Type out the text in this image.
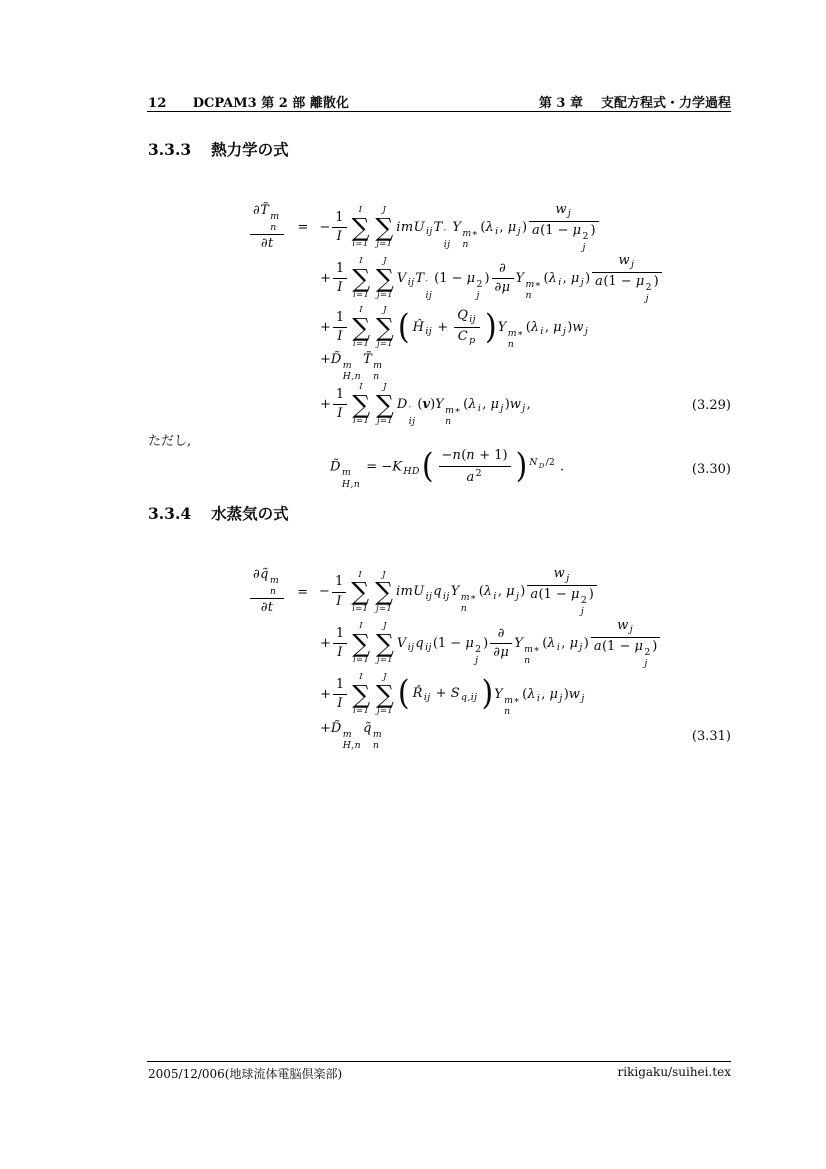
12 DCPAM3 第 2 部 離散化	第 3 章 支配方程式・力学過程
3.3.3 熱力学の式
∂T̃ m
n
∂t = − $\frac{1}{I}$ I
∑
i=1
J
∑
j=1
imU$_{ij}$T ′
ij
Y m∗
n
($\lambda_i$, $\mu_j$) $w_j$
a(1 − μ 2
j
)
+ $\frac{1}{I}$ I
∑
i=1
J
∑
j=1
$V_{ij}T$ ′
ij
(1 − μ 2
j
) $\frac{\partial}{\partial\mu}$ Y m∗
n
($\lambda_i$, $\mu_j$) $w_j$
a(1 − μ 2
j
)
+ $\frac{1}{I}$ I
∑
i=1
J
∑
j=1 ( $Ĥ_{ij} + \frac{Q_{ij}}{C_p}$ ) Y m∗
n
($\lambda_i$, $\mu_j)w_j$
+D̃ m
H,n
T̃ m
n
+ $\frac{1}{I}$ I
∑
i=1
J
∑
j=1
D ′
ij
(v)Y m∗
n
($\lambda_i$, $\mu_j)w_j$,	(3.29)
ただし,
D̃ m
H,n
= $-K_{HD}$ ( $\frac{-n(n + 1)}{a^2}$ ) $^{N_D/2}$ .	(3.30)
3.3.4 水蒸気の式
∂q̃ m
n
∂t = − $\frac{1}{I}$ I
∑
i=1
J
∑
j=1
$imU_{ij}q_{ij}Y$ m∗
n
($\lambda_i$, $\mu_j$) $w_j$
a(1 − μ 2
j
)
+ $\frac{1}{I}$ I
∑
i=1
J
∑
j=1
$V_{ij}q_{ij}(1 - \mu$ 2
j
) $\frac{\partial}{\partial\mu}$ Y m∗
n
($\lambda_i$, $\mu_j$) $w_j$
a(1 − μ 2
j
)
+ $\frac{1}{I}$ I
∑
i=1
J
∑
j=1 ( $R̂_{ij} + S_{q,ij}$ ) Y m∗
n
($\lambda_i$, $\mu_j)w_j$
+D̃ m
H,n
q̃ m
n
(3.31)
2005/12/006(地球流体電脳倶楽部)	rikigaku/suihei.tex
